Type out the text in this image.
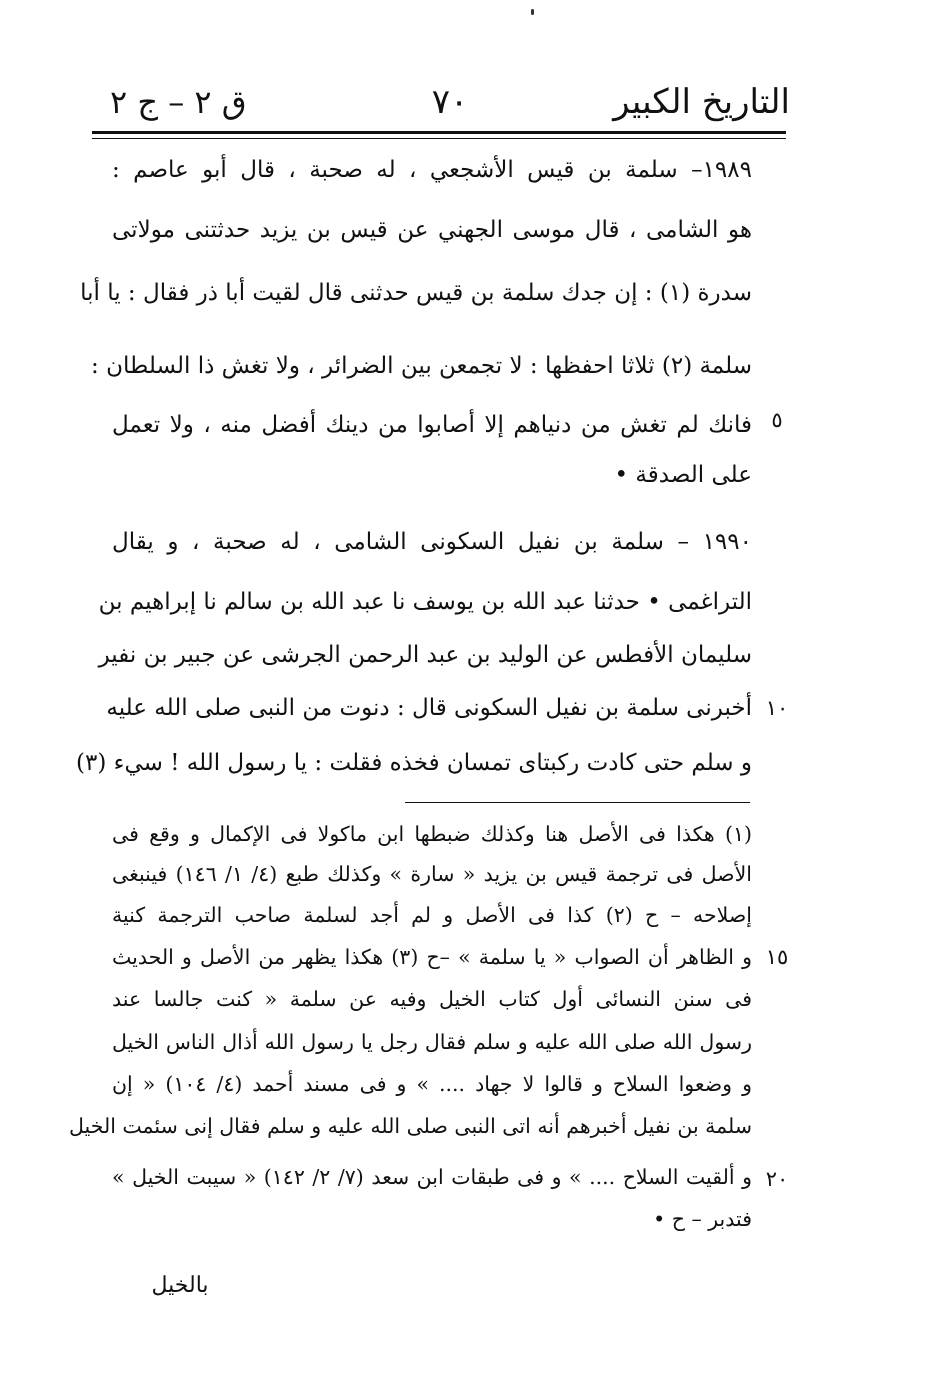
التاريخ الكبير
٧٠
ق ٢ – ج ٢
١٩٨٩– سلمة بن قيس الأشجعي ، له صحبة ، قال أبو عاصم :
هو الشامى ، قال موسى الجهني عن قيس بن يزيد حدثتنى مولاتى
سدرة (١) : إن جدك سلمة بن قيس حدثنى قال لقيت أبا ذر فقال : يا أبا
سلمة (٢) ثلاثا احفظها : لا تجمعن بين الضرائر ، ولا تغش ذا السلطان :
فانك لم تغش من دنياهم إلا أصابوا من دينك أفضل منه ، ولا تعمل
على الصدقة •
١٩٩٠ – سلمة بن نفيل السكونى الشامى ، له صحبة ، و يقال
التراغمى • حدثنا عبد الله بن يوسف نا عبد الله بن سالم نا إبراهيم بن
سليمان الأفطس عن الوليد بن عبد الرحمن الجرشى عن جبير بن نفير
أخبرنى سلمة بن نفيل السكونى قال : دنوت من النبى صلى الله عليه
و سلم حتى كادت ركبتاى تمسان فخذه فقلت : يا رسول الله ! سيء (٣)
٥
١٠
(١) هكذا فى الأصل هنا وكذلك ضبطها ابن ماكولا فى الإكمال و وقع فى
الأصل فى ترجمة قيس بن يزيد « سارة » وكذلك طبع (٤/ ١/ ١٤٦) فينبغى
إصلاحه – ح (٢) كذا فى الأصل و لم أجد لسلمة صاحب الترجمة كنية
و الظاهر أن الصواب « يا سلمة » –ح (٣) هكذا يظهر من الأصل و الحديث
فى سنن النسائى أول كتاب الخيل وفيه عن سلمة « كنت جالسا عند
رسول الله صلى الله عليه و سلم فقال رجل يا رسول الله أذال الناس الخيل
و وضعوا السلاح و قالوا لا جهاد .... » و فى مسند أحمد (٤/ ١٠٤) « إن
سلمة بن نفيل أخبرهم أنه اتى النبى صلى الله عليه و سلم فقال إنى سئمت الخيل
و ألقيت السلاح .... » و فى طبقات ابن سعد (٧/ ٢/ ١٤٢) « سيبت الخيل »
فتدبر – ح •
١٥
٢٠
بالخيل
